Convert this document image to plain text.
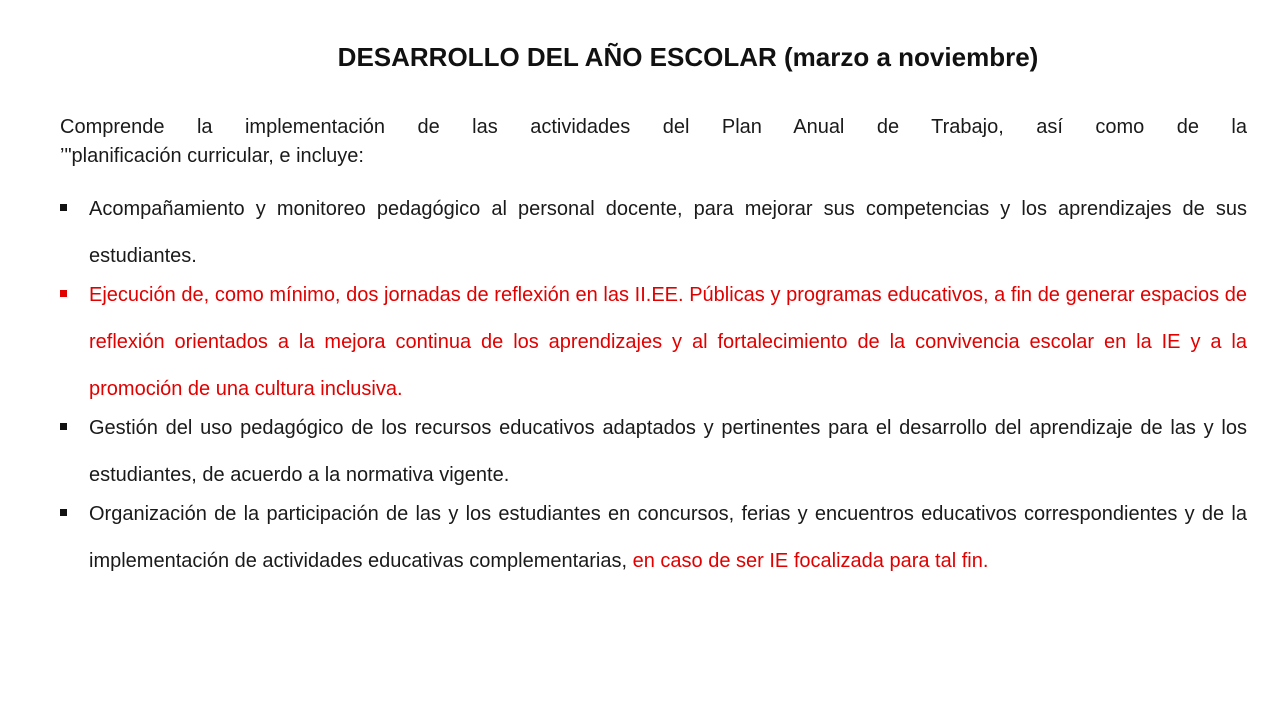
DESARROLLO DEL AÑO ESCOLAR (marzo a noviembre)
Comprende la implementación de las actividades del Plan Anual de Trabajo, así como de la
’"planificación curricular, e incluye:
Acompañamiento y monitoreo pedagógico al personal docente, para mejorar sus competencias y los aprendizajes de sus estudiantes.
Ejecución de, como mínimo, dos jornadas de reflexión en las II.EE. Públicas y programas educativos, a fin de generar espacios de reflexión orientados a la mejora continua de los aprendizajes y al fortalecimiento de la convivencia escolar en la IE y a la promoción de una cultura inclusiva.
Gestión del uso pedagógico de los recursos educativos adaptados y pertinentes para el desarrollo del aprendizaje de las y los estudiantes, de acuerdo a la normativa vigente.
Organización de la participación de las y los estudiantes en concursos, ferias y encuentros educativos correspondientes y de la implementación de actividades educativas complementarias, en caso de ser IE focalizada para tal fin.
